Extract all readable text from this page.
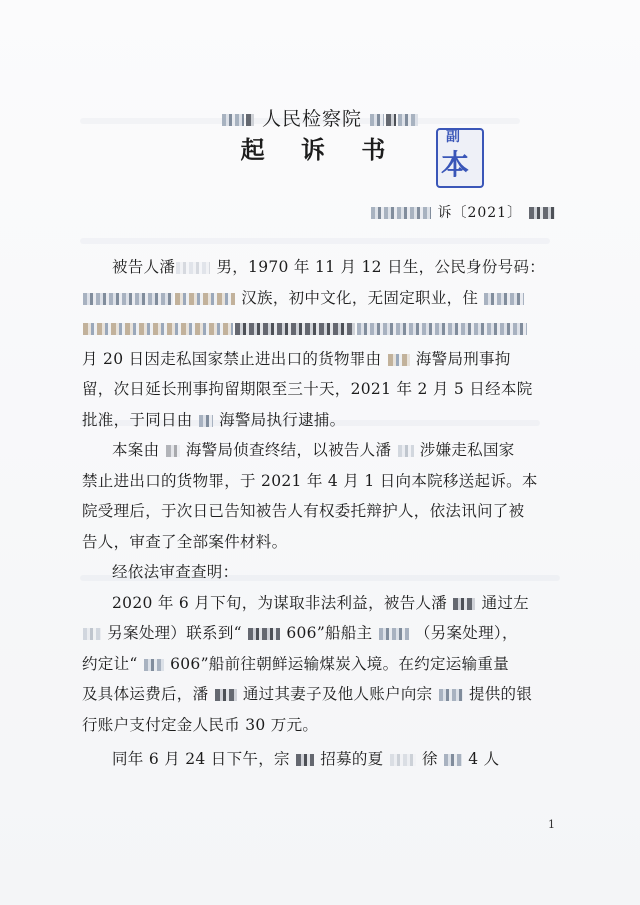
人民检察院
起 诉 书	副
本
诉〔2021〕
被告人潘	男，1970 年 11 月 12 日生，公民身份号码：
汉族，初中文化，无固定职业，住
月 20 日因走私国家禁止进出口的货物罪由 海警局刑事拘
留，次日延长刑事拘留期限至三十天，2021 年 2 月 5 日经本院
批准，于同日由 海警局执行逮捕。
本案由 海警局侦查终结，以被告人潘 涉嫌走私国家
禁止进出口的货物罪，于 2021 年 4 月 1 日向本院移送起诉。本
院受理后，于次日已告知被告人有权委托辩护人，依法讯问了被
告人，审查了全部案件材料。
经依法审查查明：
2020 年 6 月下旬，为谋取非法利益，被告人潘 通过左
另案处理）联系到“	606”船船主	（另案处理），
约定让“ 606”船前往朝鲜运输煤炭入境。在约定运输重量
及具体运费后，潘 通过其妻子及他人账户向宗 提供的银
行账户支付定金人民币 30 万元。
同年 6 月 24 日下午，宗 招募的夏 徐 4 人
1
